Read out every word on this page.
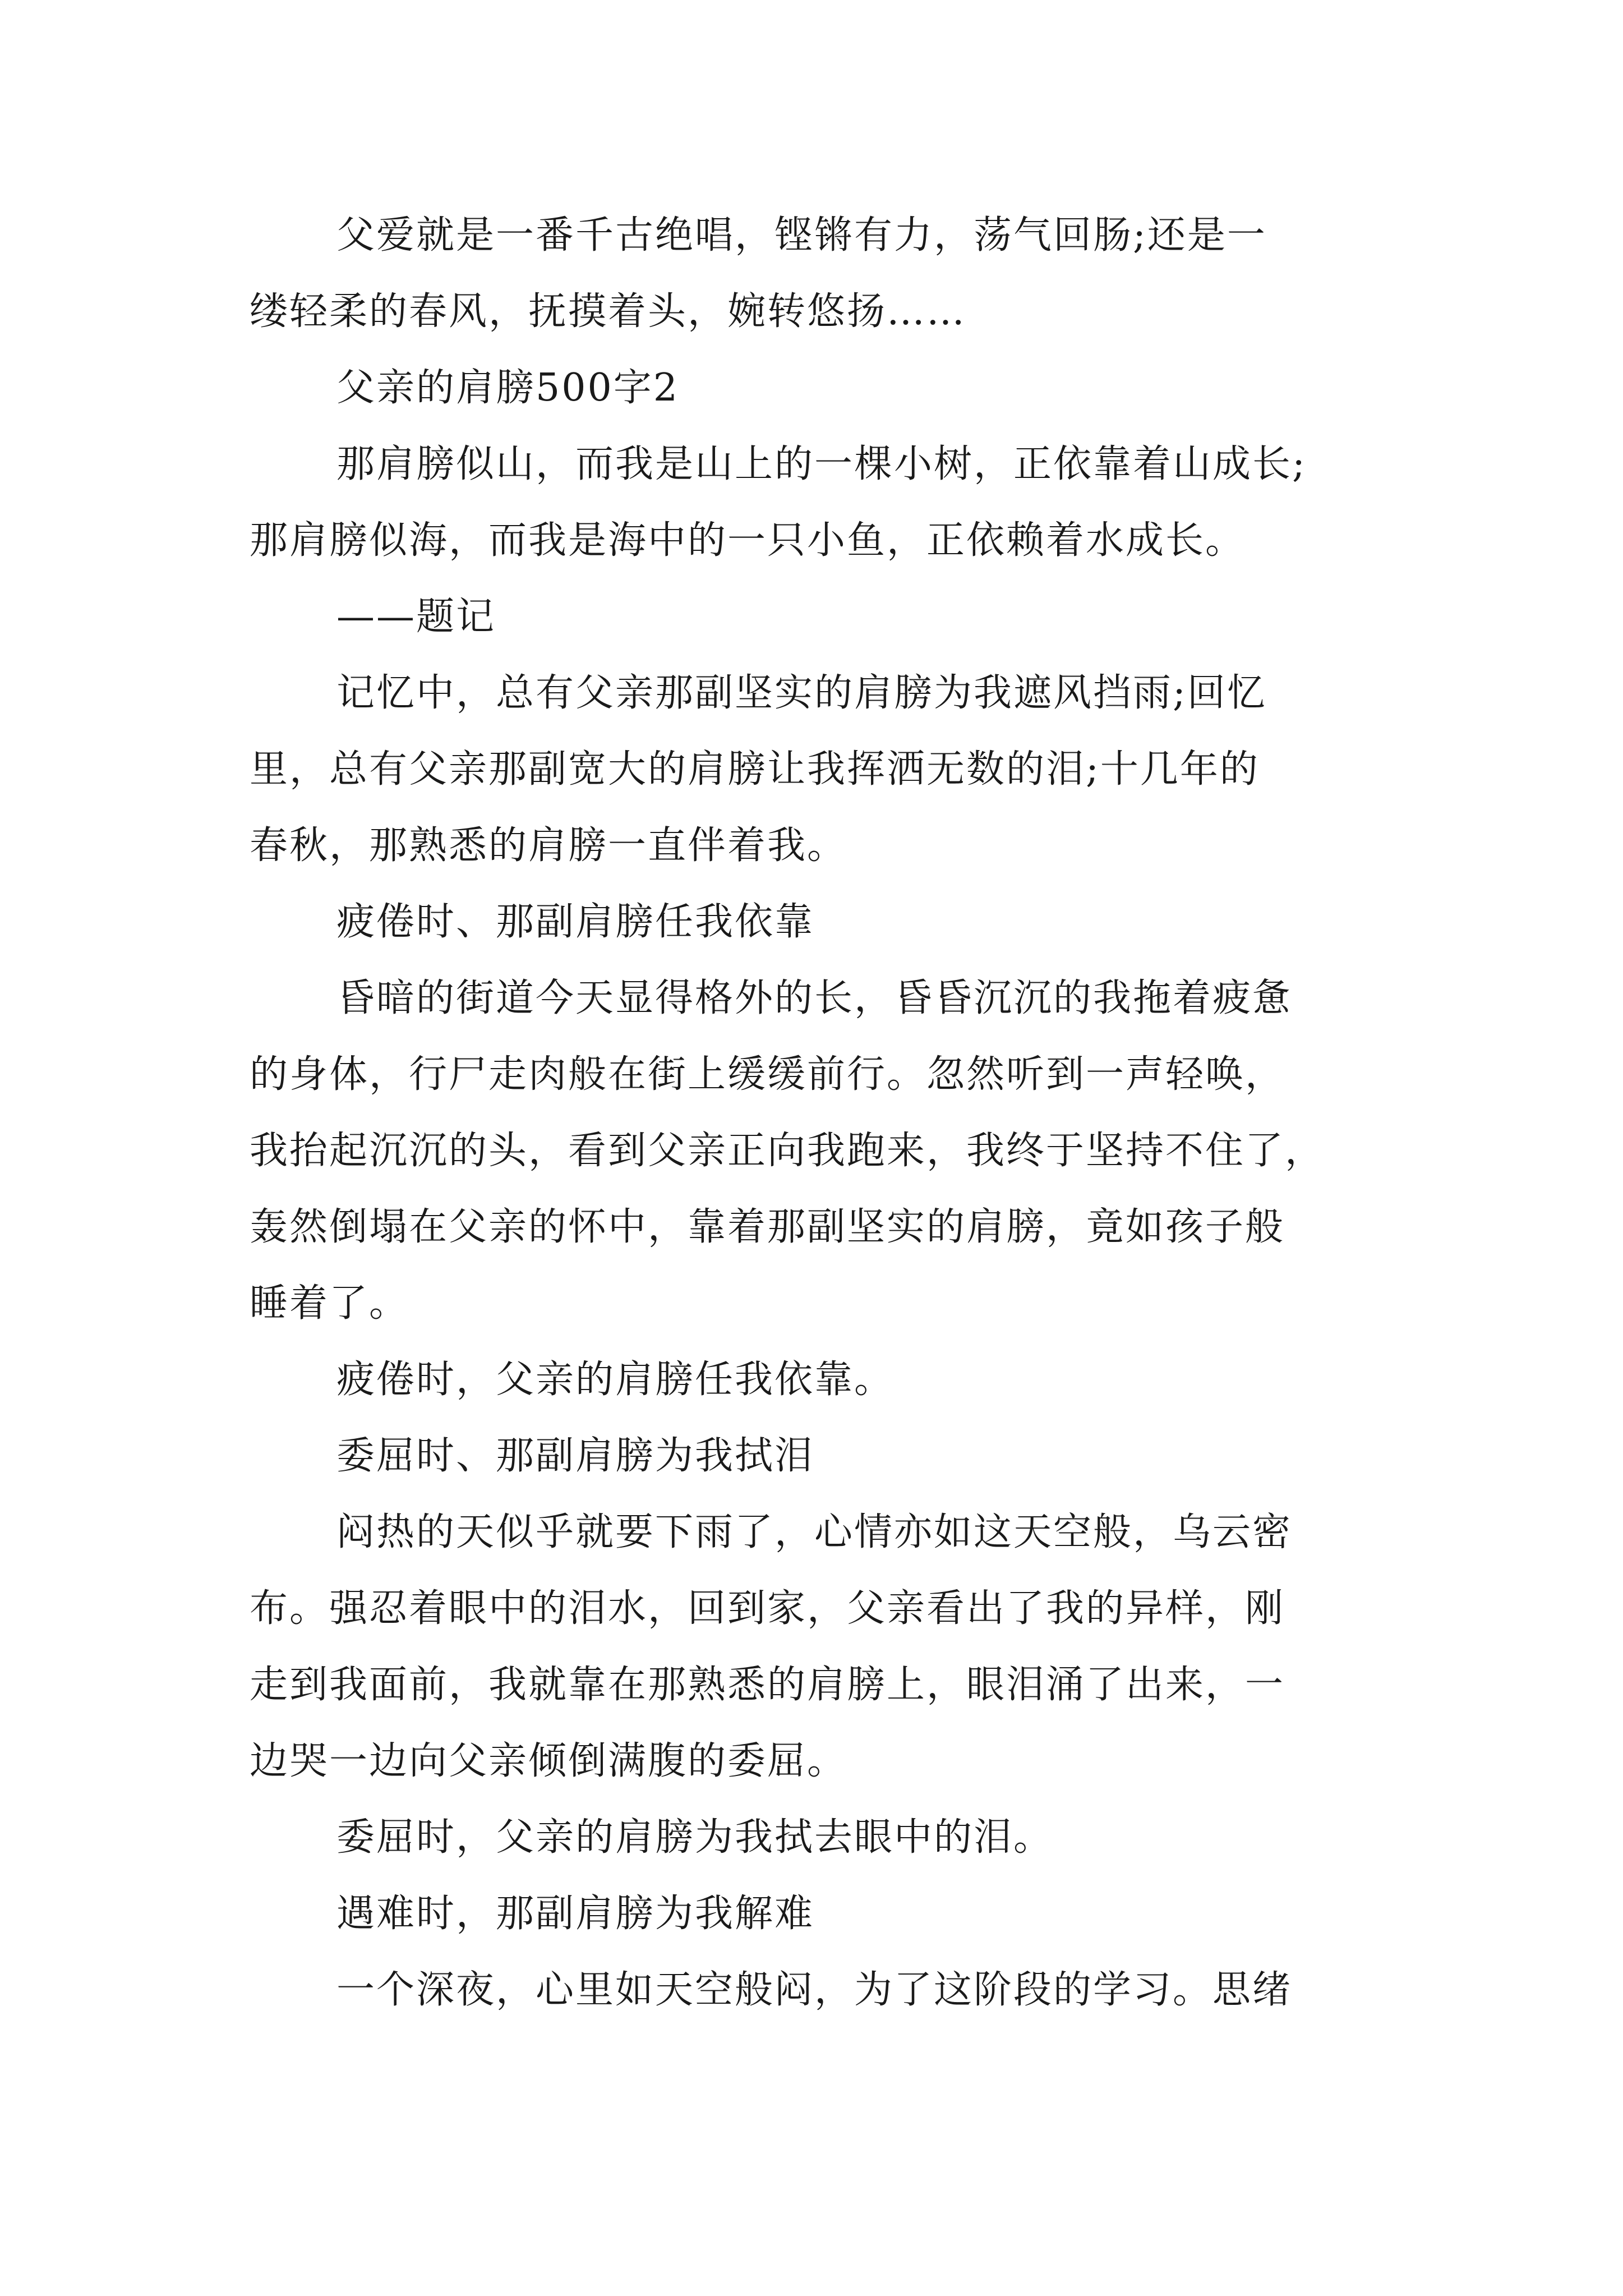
父爱就是一番千古绝唱，铿锵有力，荡气回肠;还是一

缕轻柔的春风，抚摸着头，婉转悠扬……

父亲的肩膀500字2

那肩膀似山，而我是山上的一棵小树，正依靠着山成长;

那肩膀似海，而我是海中的一只小鱼，正依赖着水成长。

——题记

记忆中，总有父亲那副坚实的肩膀为我遮风挡雨;回忆

里，总有父亲那副宽大的肩膀让我挥洒无数的泪;十几年的

春秋，那熟悉的肩膀一直伴着我。

疲倦时、那副肩膀任我依靠

昏暗的街道今天显得格外的长，昏昏沉沉的我拖着疲惫

的身体，行尸走肉般在街上缓缓前行。忽然听到一声轻唤，

我抬起沉沉的头，看到父亲正向我跑来，我终于坚持不住了，

轰然倒塌在父亲的怀中，靠着那副坚实的肩膀，竟如孩子般

睡着了。

疲倦时，父亲的肩膀任我依靠。

委屈时、那副肩膀为我拭泪

闷热的天似乎就要下雨了，心情亦如这天空般，乌云密

布。强忍着眼中的泪水，回到家，父亲看出了我的异样，刚

走到我面前，我就靠在那熟悉的肩膀上，眼泪涌了出来，一

边哭一边向父亲倾倒满腹的委屈。

委屈时，父亲的肩膀为我拭去眼中的泪。

遇难时，那副肩膀为我解难

一个深夜，心里如天空般闷，为了这阶段的学习。思绪
